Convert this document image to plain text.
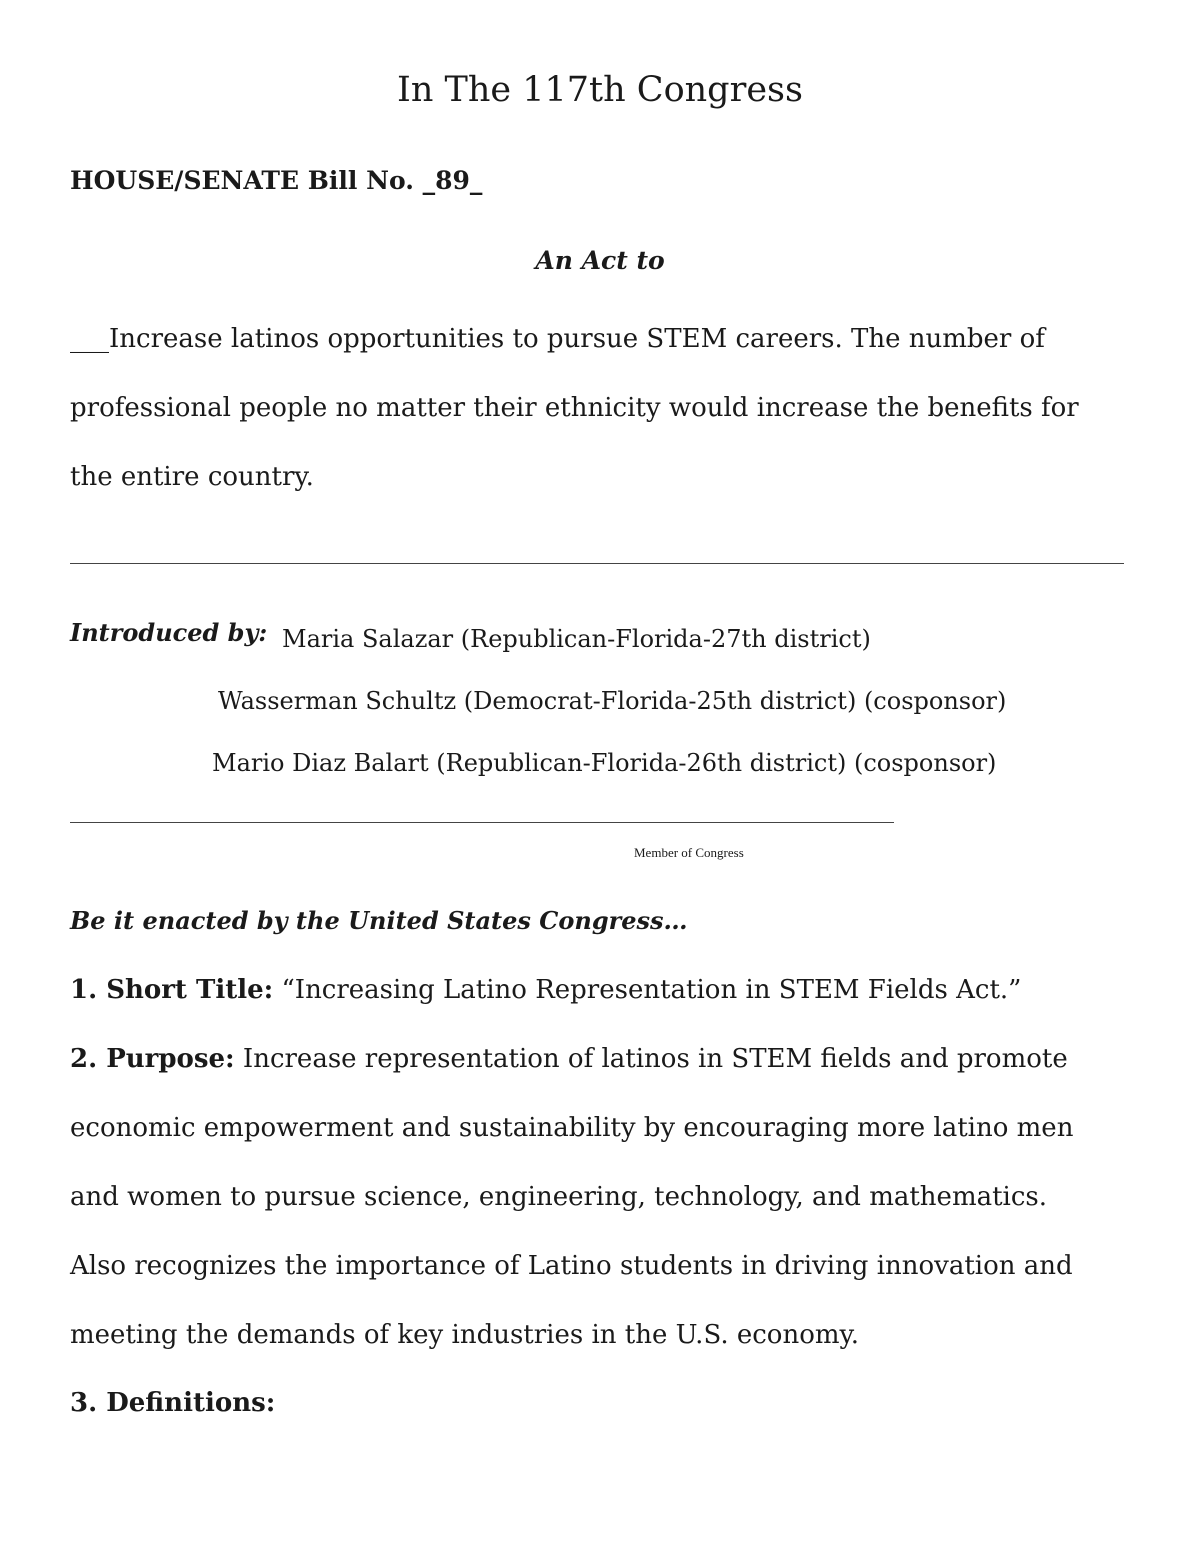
In The 117th Congress
HOUSE/SENATE Bill No. _89_
An Act to
___Increase latinos opportunities to pursue STEM careers. The number of
professional people no matter their ethnicity would increase the benefits for
the entire country.
Introduced by: Maria Salazar (Republican-Florida-27th district)
Wasserman Schultz (Democrat-Florida-25th district) (cosponsor)
Mario Diaz Balart (Republican-Florida-26th district) (cosponsor)
Member of Congress
Be it enacted by the United States Congress…
1. Short Title: “Increasing Latino Representation in STEM Fields Act.”
2. Purpose: Increase representation of latinos in STEM fields and promote
economic empowerment and sustainability by encouraging more latino men
and women to pursue science, engineering, technology, and mathematics.
Also recognizes the importance of Latino students in driving innovation and
meeting the demands of key industries in the U.S. economy.
3. Definitions:
